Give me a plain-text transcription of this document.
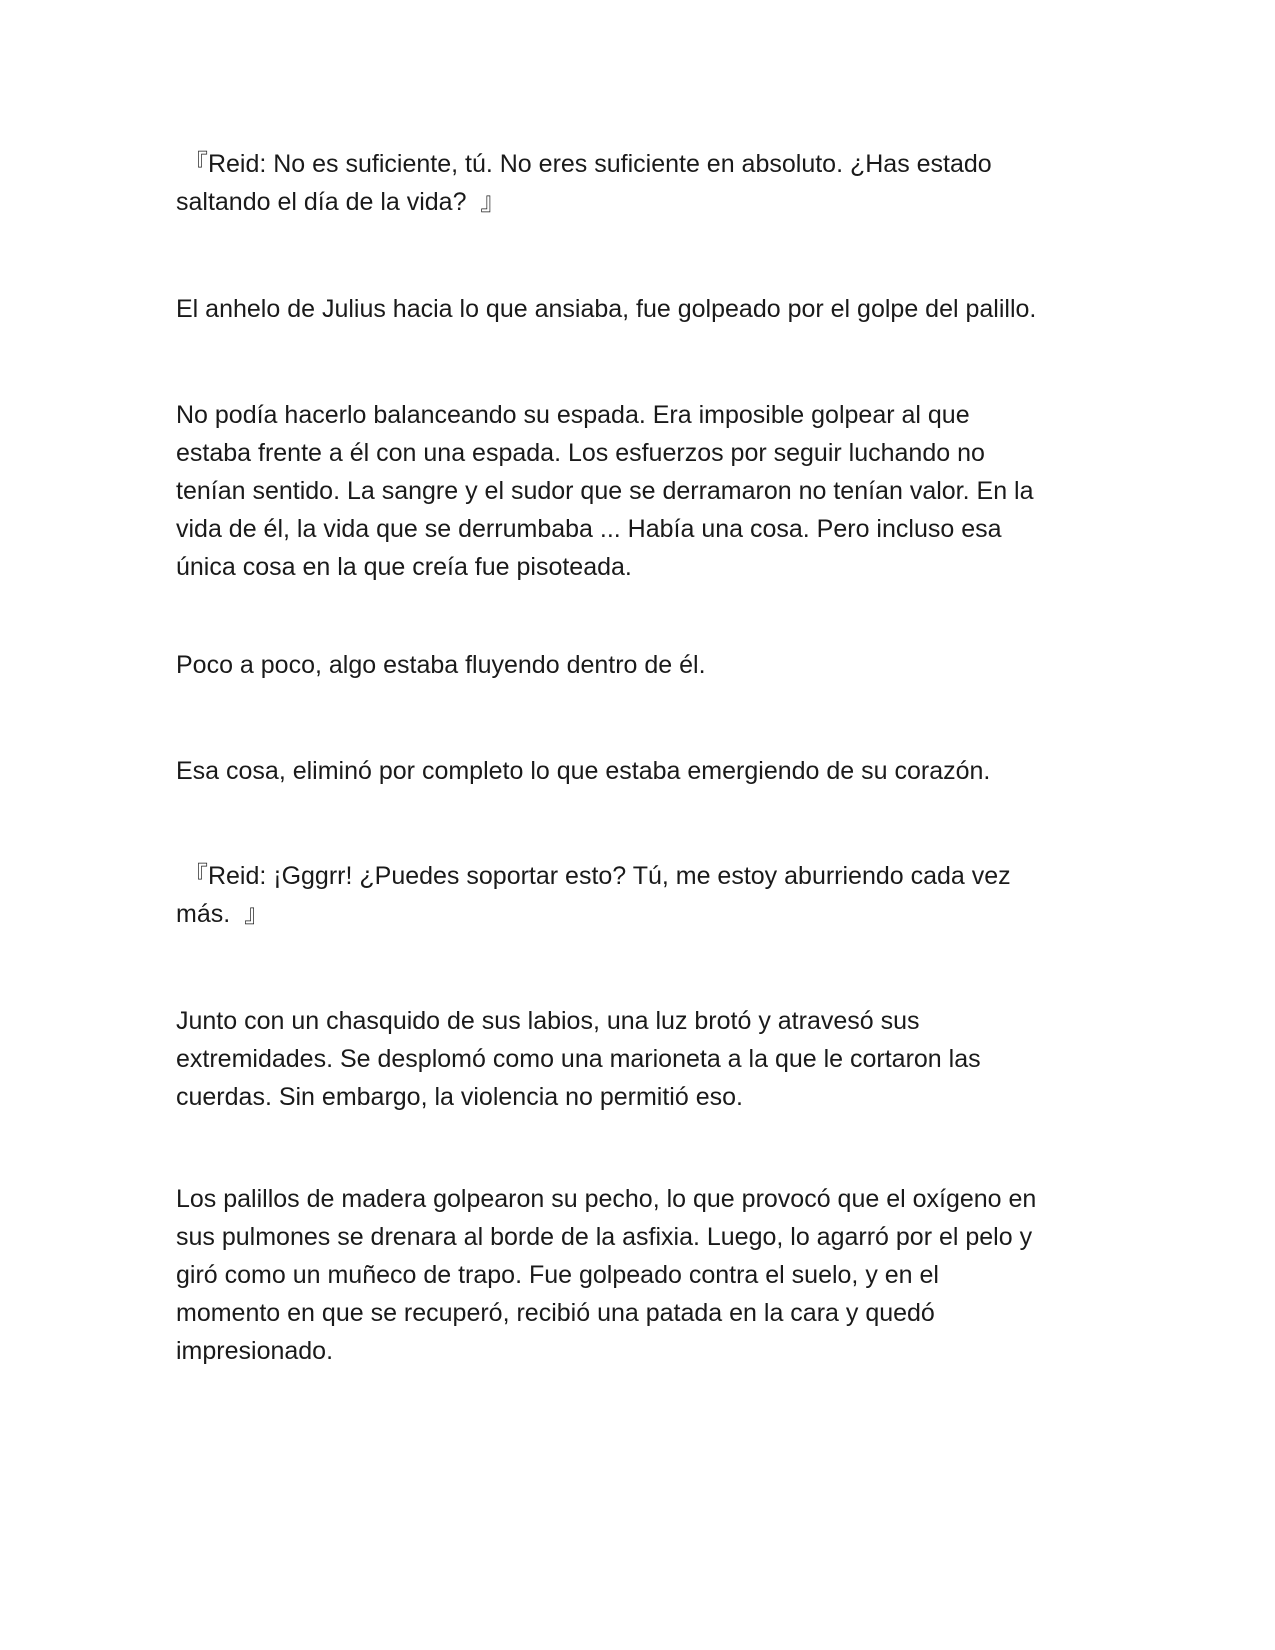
『Reid: No es suficiente, tú. No eres suficiente en absoluto. ¿Has estado
saltando el día de la vida?  』

El anhelo de Julius hacia lo que ansiaba, fue golpeado por el golpe del palillo.

No podía hacerlo balanceando su espada. Era imposible golpear al que
estaba frente a él con una espada. Los esfuerzos por seguir luchando no
tenían sentido. La sangre y el sudor que se derramaron no tenían valor. En la
vida de él, la vida que se derrumbaba ... Había una cosa. Pero incluso esa
única cosa en la que creía fue pisoteada.

Poco a poco, algo estaba fluyendo dentro de él.

Esa cosa, eliminó por completo lo que estaba emergiendo de su corazón.

『Reid: ¡Gggrr! ¿Puedes soportar esto? Tú, me estoy aburriendo cada vez
más.  』

Junto con un chasquido de sus labios, una luz brotó y atravesó sus
extremidades. Se desplomó como una marioneta a la que le cortaron las
cuerdas. Sin embargo, la violencia no permitió eso.

Los palillos de madera golpearon su pecho, lo que provocó que el oxígeno en
sus pulmones se drenara al borde de la asfixia. Luego, lo agarró por el pelo y
giró como un muñeco de trapo. Fue golpeado contra el suelo, y en el
momento en que se recuperó, recibió una patada en la cara y quedó
impresionado.
